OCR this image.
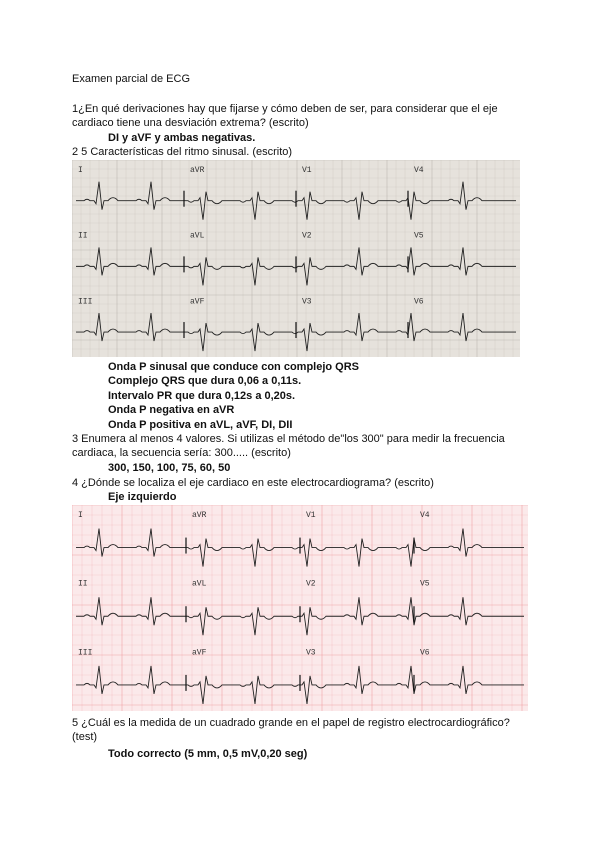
Examen parcial de ECG
1¿En qué derivaciones hay que fijarse y cómo deben de ser, para considerar que el eje
cardiaco tiene una desviación extrema? (escrito)
DI y aVF y ambas negativas.
2 5 Características del ritmo sinusal. (escrito)
I	aVR	V1	V4
II	aVL	V2	V5
III	aVF	V3	V6
Onda P sinusal que conduce con complejo QRS
Complejo QRS que dura 0,06 a 0,11s.
Intervalo PR que dura 0,12s a 0,20s.
Onda P negativa en aVR
Onda P positiva en aVL, aVF, DI, DII
3 Enumera al menos 4 valores. Si utilizas el método de"los 300" para medir la frecuencia
cardiaca, la secuencia sería: 300..... (escrito)
300, 150, 100, 75, 60, 50
4 ¿Dónde se localiza el eje cardiaco en este electrocardiograma? (escrito)
Eje izquierdo
I	aVR	V1	V4
II	aVL	V2	V5
III	aVF	V3	V6
5 ¿Cuál es la medida de un cuadrado grande en el papel de registro electrocardiográfico?
(test)
Todo correcto (5 mm, 0,5 mV,0,20 seg)
